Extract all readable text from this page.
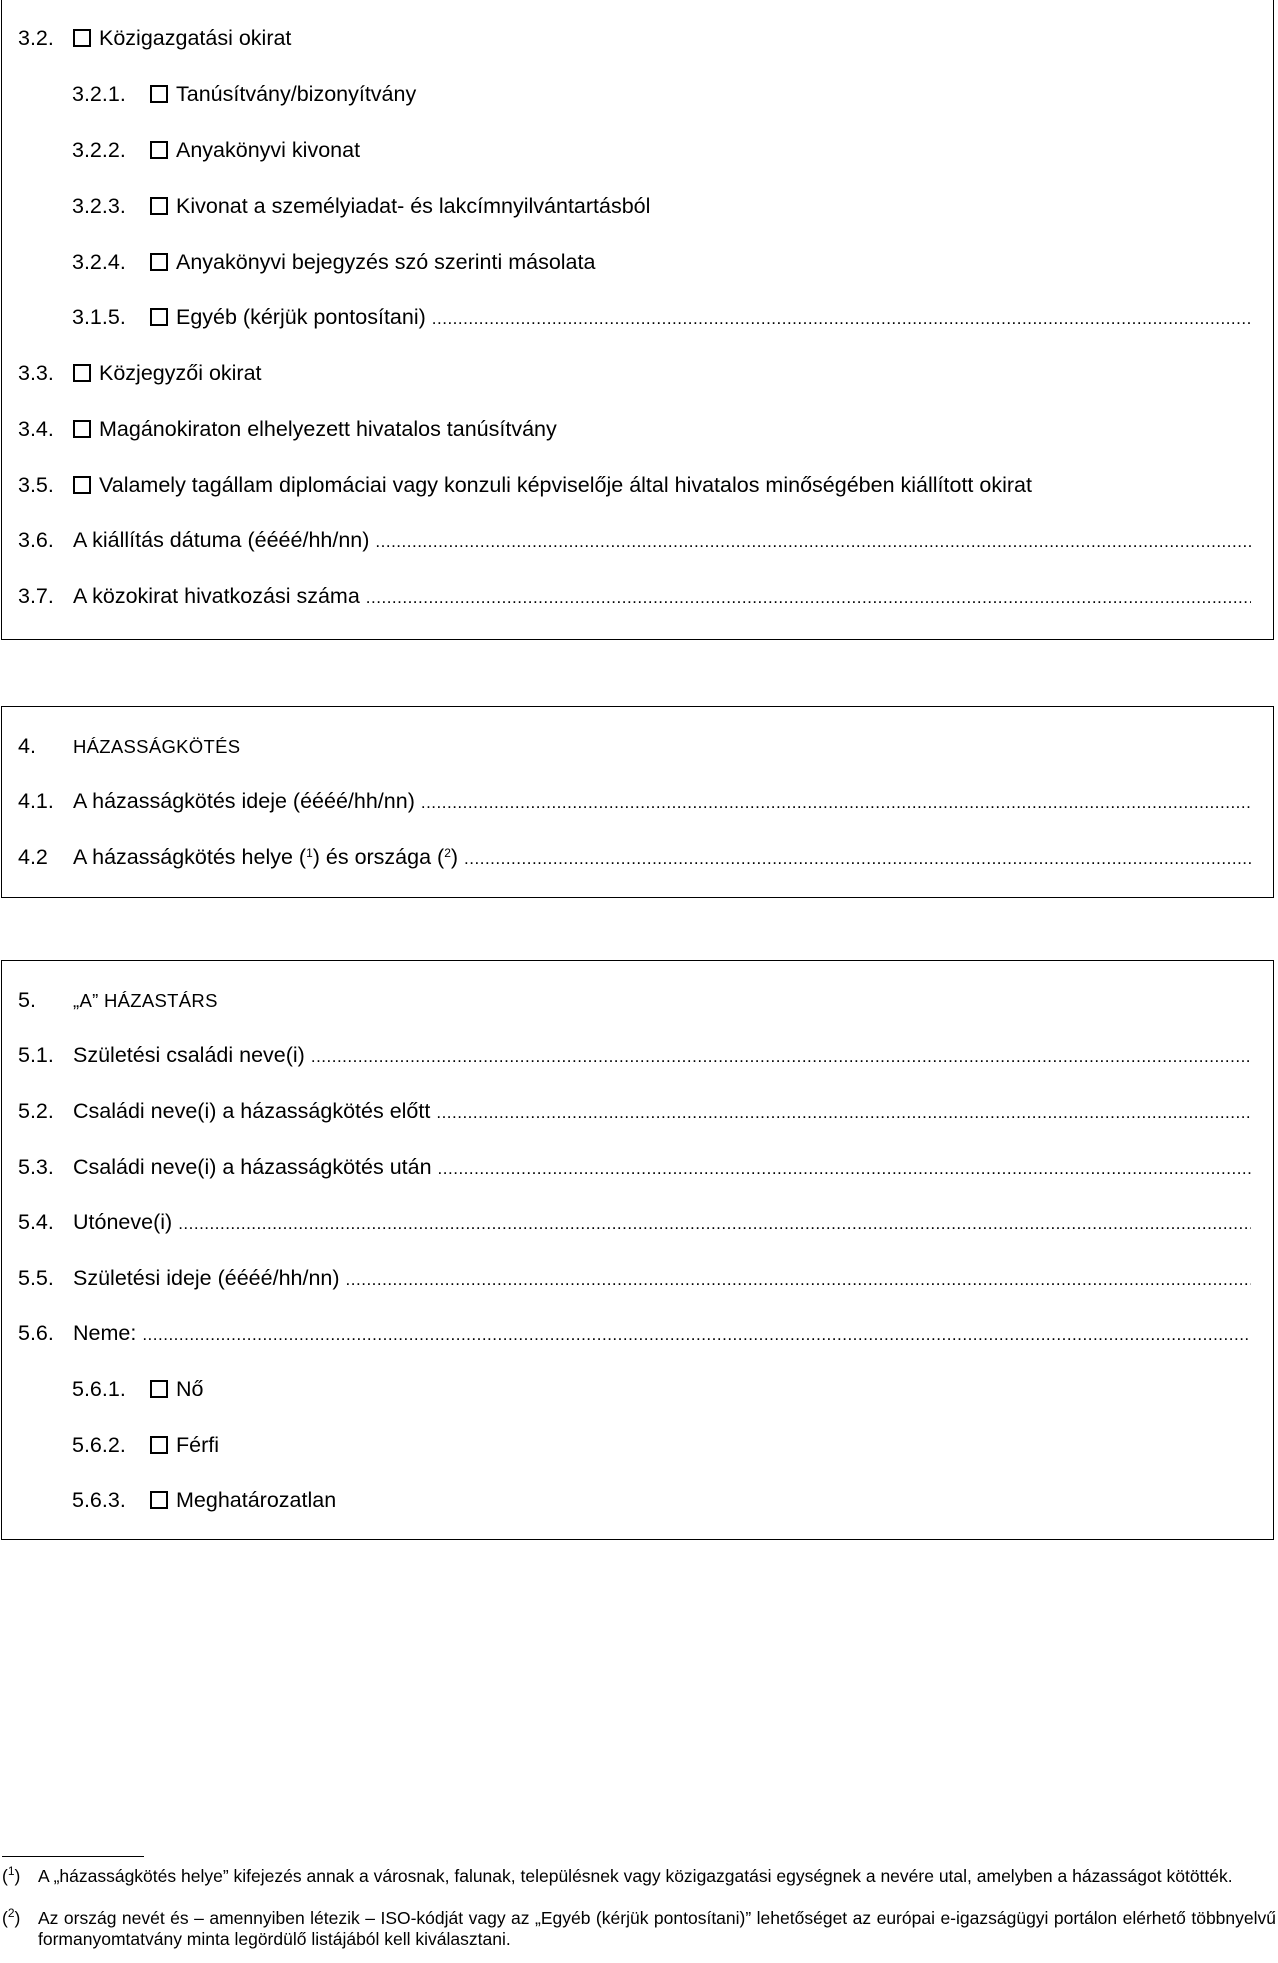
3.2.	Közigazgatási okirat
3.2.1.	Tanúsítvány/bizonyítvány
3.2.2.	Anyakönyvi kivonat
3.2.3.	Kivonat a személyiadat- és lakcímnyilvántartásból
3.2.4.	Anyakönyvi bejegyzés szó szerinti másolata
3.1.5.	Egyéb (kérjük pontosítani)
.....
3.3.	Közjegyzői okirat
3.4.	Magánokiraton elhelyezett hivatalos tanúsítvány
3.5.	Valamely tagállam diplomáciai vagy konzuli képviselője által hivatalos minőségében kiállított okirat
3.6. A kiállítás dátuma (éééé/hh/nn)
.....
3.7. A közokirat hivatkozási száma
.....
4.	HÁZASSÁGKÖTÉS
4.1. A házasságkötés ideje (éééé/hh/nn)
.....
4.2	A házasságkötés helye ($^1$) és országa ($^2$)
.....
5.	„A” HÁZASTÁRS
5.1. Születési családi neve(i)
.....
5.2. Családi neve(i) a házasságkötés előtt
.....
5.3. Családi neve(i) a házasságkötés után
.....
5.4. Utóneve(i)
.....
5.5. Születési ideje (éééé/hh/nn)
.....
5.6. Neme:
.....
5.6.1.	Nő
5.6.2.	Férfi
5.6.3.	Meghatározatlan
($^1$)	A „házasságkötés helye” kifejezés annak a városnak, falunak, településnek vagy közigazgatási egységnek a nevére utal, amelyben a házasságot kötötték.
($^2$)	Az ország nevét és – amennyiben létezik – ISO-kódját vagy az „Egyéb (kérjük pontosítani)” lehetőséget az európai e-igazságügyi portálon elérhető többnyelvű formanyomtatvány minta legördülő listájából kell kiválasztani.
